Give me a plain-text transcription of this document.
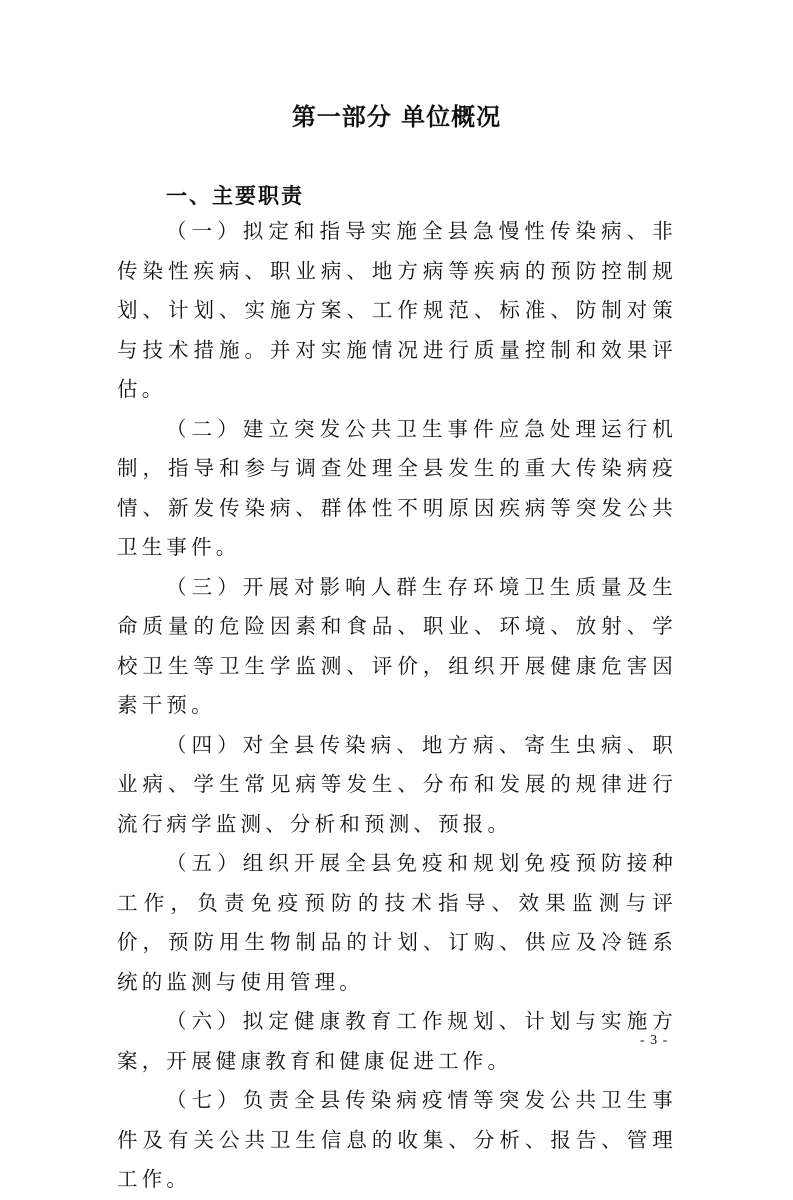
第一部分 单位概况
一、主要职责

（一）拟定和指导实施全县急慢性传染病、非传染性疾病、职业病、地方病等疾病的预防控制规划、计划、实施方案、工作规范、标准、防制对策与技术措施。并对实施情况进行质量控制和效果评估。

（二）建立突发公共卫生事件应急处理运行机制，指导和参与调查处理全县发生的重大传染病疫情、新发传染病、群体性不明原因疾病等突发公共卫生事件。

（三）开展对影响人群生存环境卫生质量及生命质量的危险因素和食品、职业、环境、放射、学校卫生等卫生学监测、评价，组织开展健康危害因素干预。

（四）对全县传染病、地方病、寄生虫病、职业病、学生常见病等发生、分布和发展的规律进行流行病学监测、分析和预测、预报。

（五）组织开展全县免疫和规划免疫预防接种工作，负责免疫预防的技术指导、效果监测与评价，预防用生物制品的计划、订购、供应及冷链系统的监测与使用管理。

（六）拟定健康教育工作规划、计划与实施方案，开展健康教育和健康促进工作。

（七）负责全县传染病疫情等突发公共卫生事件及有关公共卫生信息的收集、分析、报告、管理工作。

- 3 -
